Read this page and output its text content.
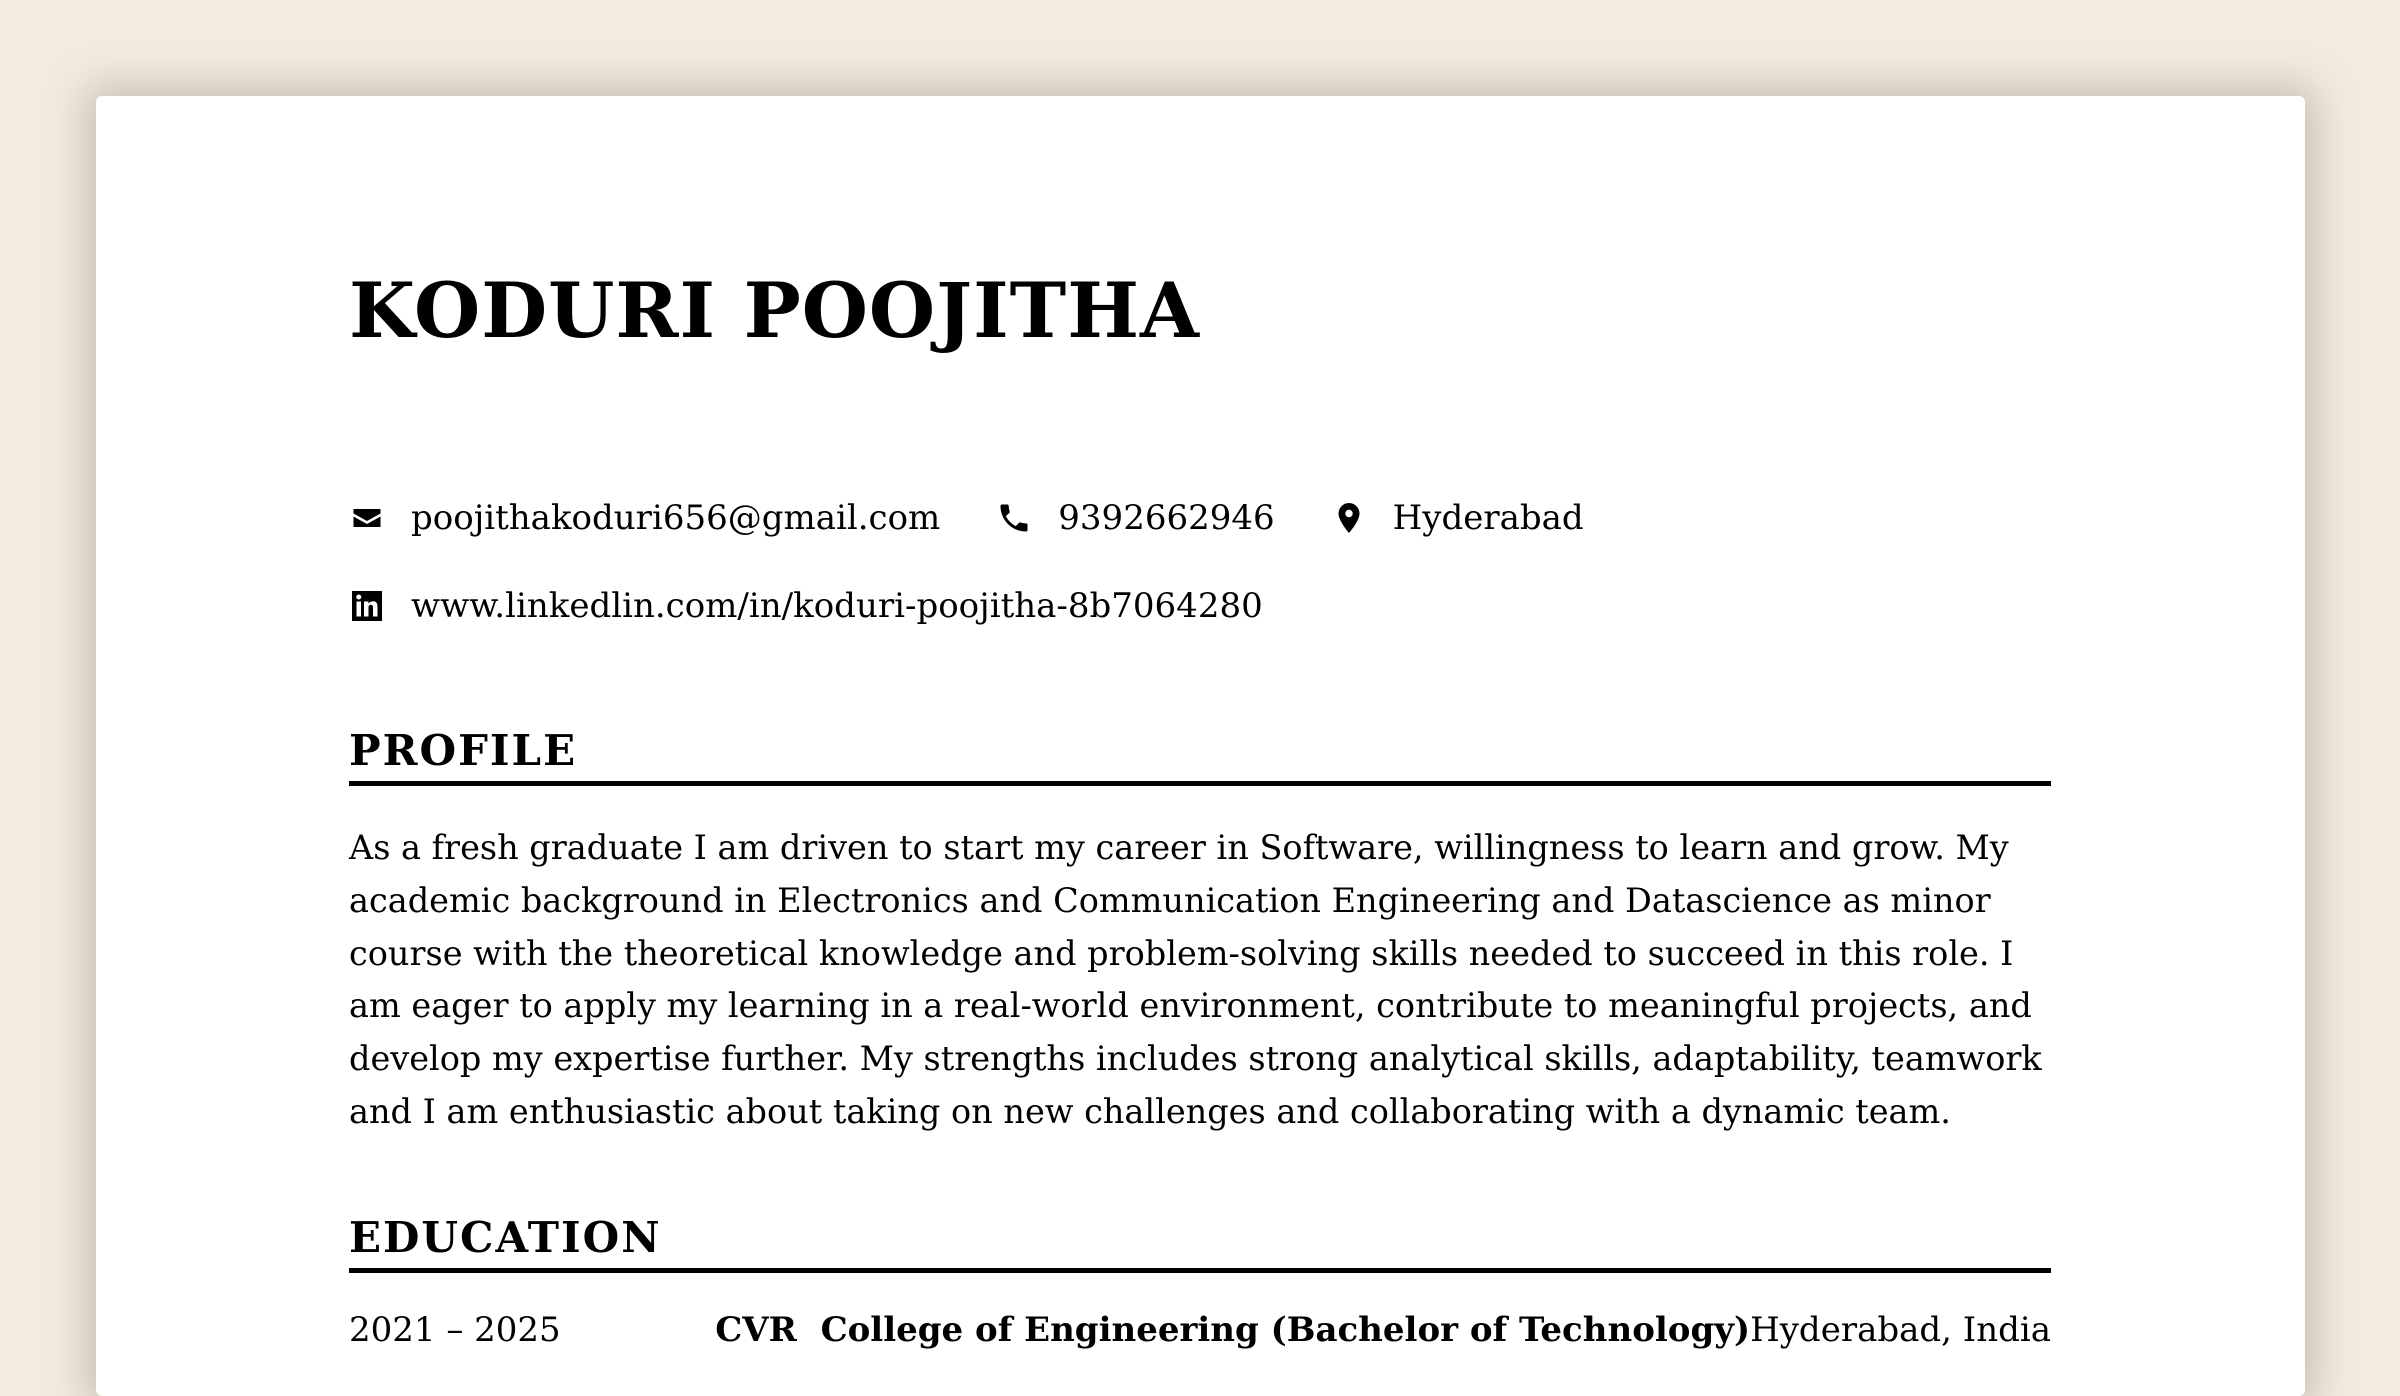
KODURI POOJITHA
poojithakoduri656@gmail.com	9392662946	Hyderabad
www.linkedlin.com/in/koduri-poojitha-8b7064280
PROFILE
As a fresh graduate I am driven to start my career in Software, willingness to learn and grow. My academic background in Electronics and Communication Engineering and Datascience as minor course with the theoretical knowledge and problem-solving skills needed to succeed in this role. I am eager to apply my learning in a real-world environment, contribute to meaningful projects, and develop my expertise further. My strengths includes strong analytical skills, adaptability, teamwork and I am enthusiastic about taking on new challenges and collaborating with a dynamic team.
EDUCATION
2021 – 2025	CVR  College of Engineering (Bachelor of Technology) Hyderabad, India
